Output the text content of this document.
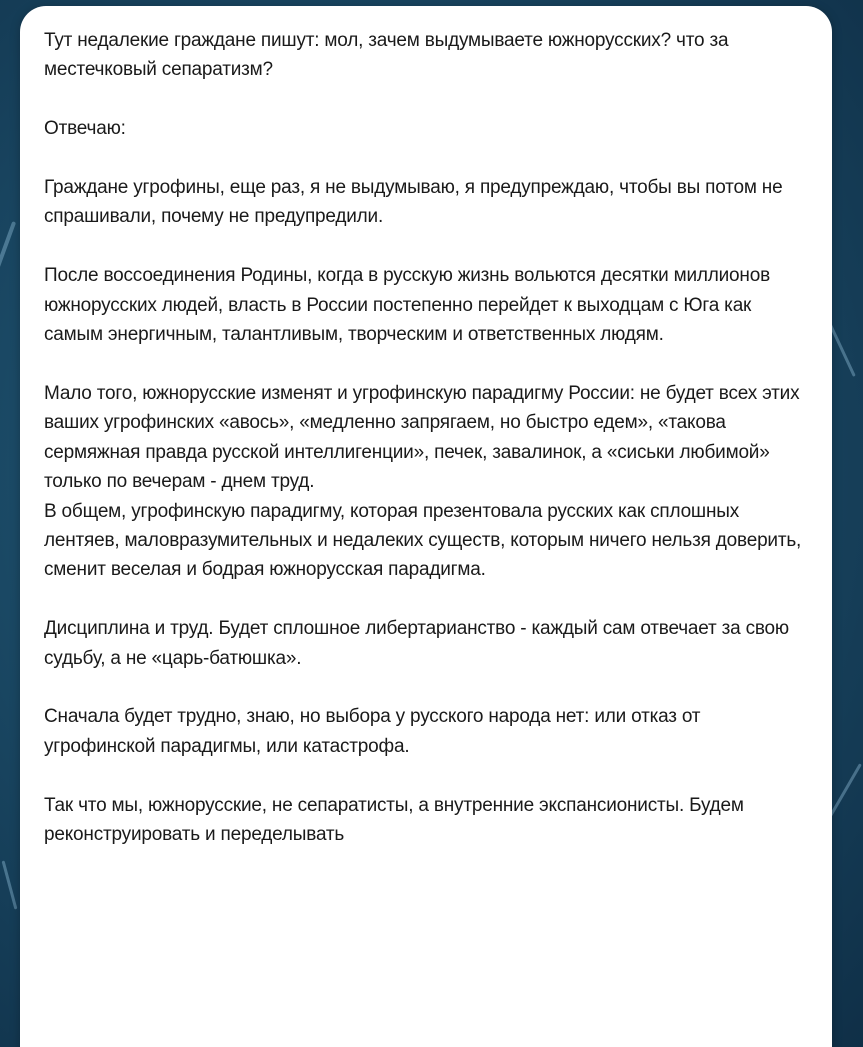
Тут недалекие граждане пишут: мол, зачем выдумываете южнорусских? что за местечковый сепаратизм?

Отвечаю:

Граждане угрофины, еще раз, я не выдумываю, я предупреждаю, чтобы вы потом не спрашивали, почему не предупредили.

После воссоединения Родины, когда в русскую жизнь вольются десятки миллионов южнорусских людей, власть в России постепенно перейдет к выходцам с Юга как самым энергичным, талантливым, творческим и ответственных людям.

Мало того, южнорусские изменят и угрофинскую парадигму России: не будет всех этих ваших угрофинских «авось», «медленно запрягаем, но быстро едем», «такова сермяжная правда русской интеллигенции», печек, завалинок, а «сиськи любимой» только по вечерам - днем труд.
В общем, угрофинскую парадигму, которая презентовала русских как сплошных лентяев, маловразумительных и недалеких существ, которым ничего нельзя доверить, сменит веселая и бодрая южнорусская парадигма.

Дисциплина и труд. Будет сплошное либертарианство - каждый сам отвечает за свою судьбу, а не «царь-батюшка».

Сначала будет трудно, знаю, но выбора у русского народа нет: или отказ от угрофинской парадигмы, или катастрофа.

Так что мы, южнорусские, не сепаратисты, а внутренние экспансионисты. Будем реконструировать и переделывать
